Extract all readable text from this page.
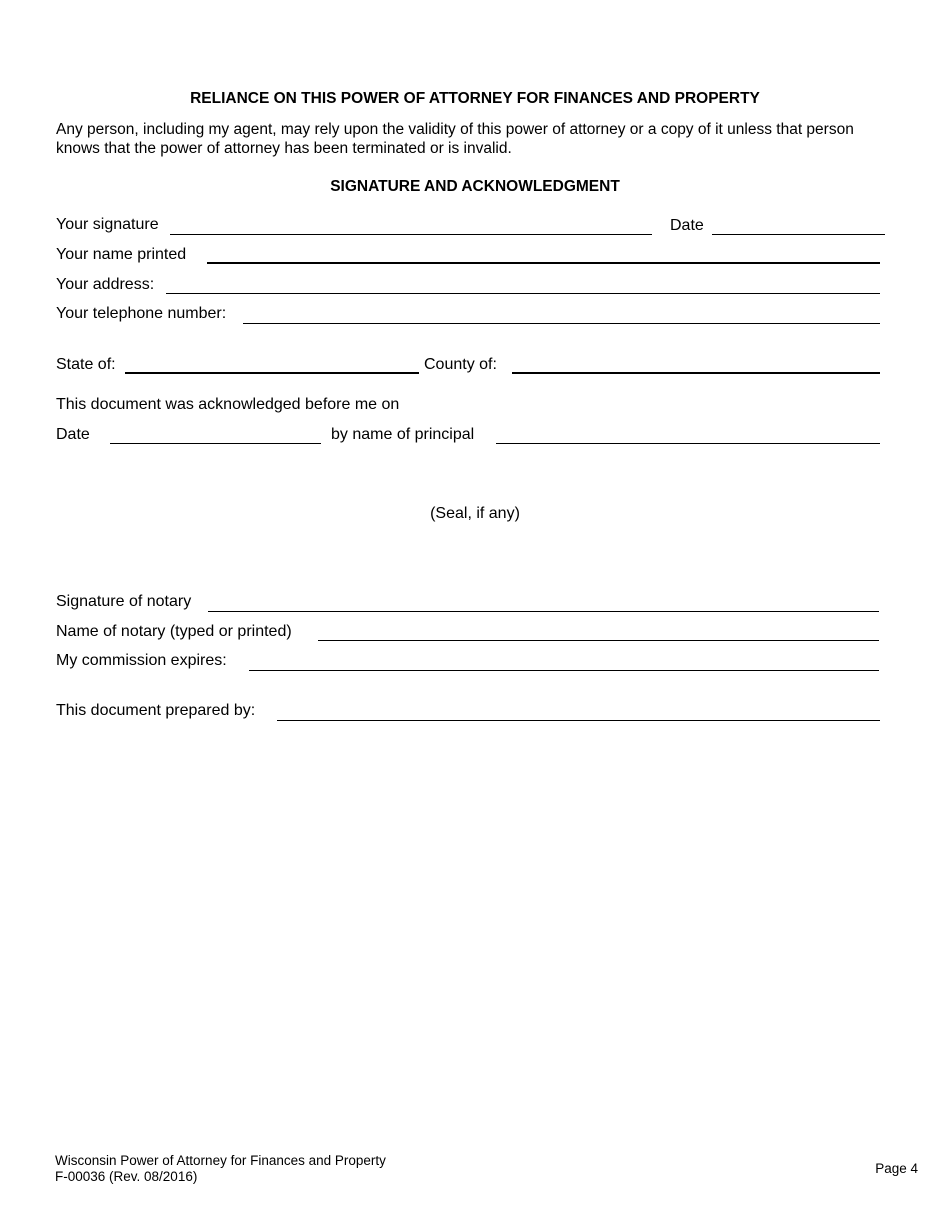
RELIANCE ON THIS POWER OF ATTORNEY FOR FINANCES AND PROPERTY

Any person, including my agent, may rely upon the validity of this power of attorney or a copy of it unless that person knows that the power of attorney has been terminated or is invalid.

SIGNATURE AND ACKNOWLEDGMENT
Your signature	Date
Your name printed
Your address:
Your telephone number:
State of:	County of:
This document was acknowledged before me on
Date	by name of principal
(Seal, if any)
Signature of notary
Name of notary (typed or printed)
My commission expires:
This document prepared by:
Wisconsin Power of Attorney for Finances and Property
F-00036 (Rev. 08/2016)
Page 4
